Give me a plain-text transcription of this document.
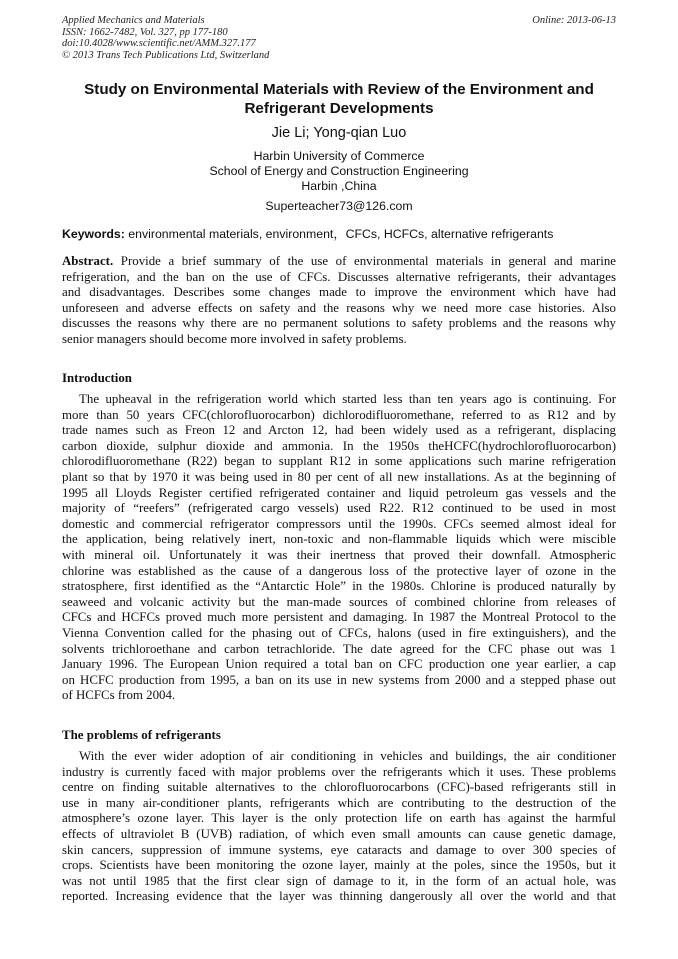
Applied Mechanics and Materials
ISSN: 1662-7482, Vol. 327, pp 177-180
doi:10.4028/www.scientific.net/AMM.327.177
© 2013 Trans Tech Publications Ltd, Switzerland
Online: 2013-06-13
Study on Environmental Materials with Review of the Environment and
Refrigerant Developments
Jie Li; Yong-qian Luo
Harbin University of Commerce
School of Energy and Construction Engineering
Harbin ,China
Superteacher73@126.com
Keywords: environmental materials, environment，CFCs, HCFCs, alternative refrigerants
Abstract. Provide a brief summary of the use of environmental materials in general and marine
refrigeration, and the ban on the use of CFCs. Discusses alternative refrigerants, their advantages
and disadvantages. Describes some changes made to improve the environment which have had
unforeseen and adverse effects on safety and the reasons why we need more case histories. Also
discusses the reasons why there are no permanent solutions to safety problems and the reasons why
senior managers should become more involved in safety problems.
Introduction
The upheaval in the refrigeration world which started less than ten years ago is continuing. For
more than 50 years CFC(chlorofluorocarbon) dichlorodifluoromethane, referred to as R12 and by
trade names such as Freon 12 and Arcton 12, had been widely used as a refrigerant, displacing
carbon dioxide, sulphur dioxide and ammonia. In the 1950s theHCFC(hydrochlorofluorocarbon)
chlorodifluoromethane (R22) began to supplant R12 in some applications such marine refrigeration
plant so that by 1970 it was being used in 80 per cent of all new installations. As at the beginning of
1995 all Lloyds Register certified refrigerated container and liquid petroleum gas vessels and the
majority of “reefers” (refrigerated cargo vessels) used R22. R12 continued to be used in most
domestic and commercial refrigerator compressors until the 1990s. CFCs seemed almost ideal for
the application, being relatively inert, non-toxic and non-flammable liquids which were miscible
with mineral oil. Unfortunately it was their inertness that proved their downfall. Atmospheric
chlorine was established as the cause of a dangerous loss of the protective layer of ozone in the
stratosphere, first identified as the “Antarctic Hole” in the 1980s. Chlorine is produced naturally by
seaweed and volcanic activity but the man-made sources of combined chlorine from releases of
CFCs and HCFCs proved much more persistent and damaging. In 1987 the Montreal Protocol to the
Vienna Convention called for the phasing out of CFCs, halons (used in fire extinguishers), and the
solvents trichloroethane and carbon tetrachloride. The date agreed for the CFC phase out was 1
January 1996. The European Union required a total ban on CFC production one year earlier, a cap
on HCFC production from 1995, a ban on its use in new systems from 2000 and a stepped phase out
of HCFCs from 2004.
The problems of refrigerants
With the ever wider adoption of air conditioning in vehicles and buildings, the air conditioner
industry is currently faced with major problems over the refrigerants which it uses. These problems
centre on finding suitable alternatives to the chlorofluorocarbons (CFC)-based refrigerants still in
use in many air-conditioner plants, refrigerants which are contributing to the destruction of the
atmosphere’s ozone layer. This layer is the only protection life on earth has against the harmful
effects of ultraviolet B (UVB) radiation, of which even small amounts can cause genetic damage,
skin cancers, suppression of immune systems, eye cataracts and damage to over 300 species of
crops. Scientists have been monitoring the ozone layer, mainly at the poles, since the 1950s, but it
was not until 1985 that the first clear sign of damage to it, in the form of an actual hole, was
reported. Increasing evidence that the layer was thinning dangerously all over the world and that
